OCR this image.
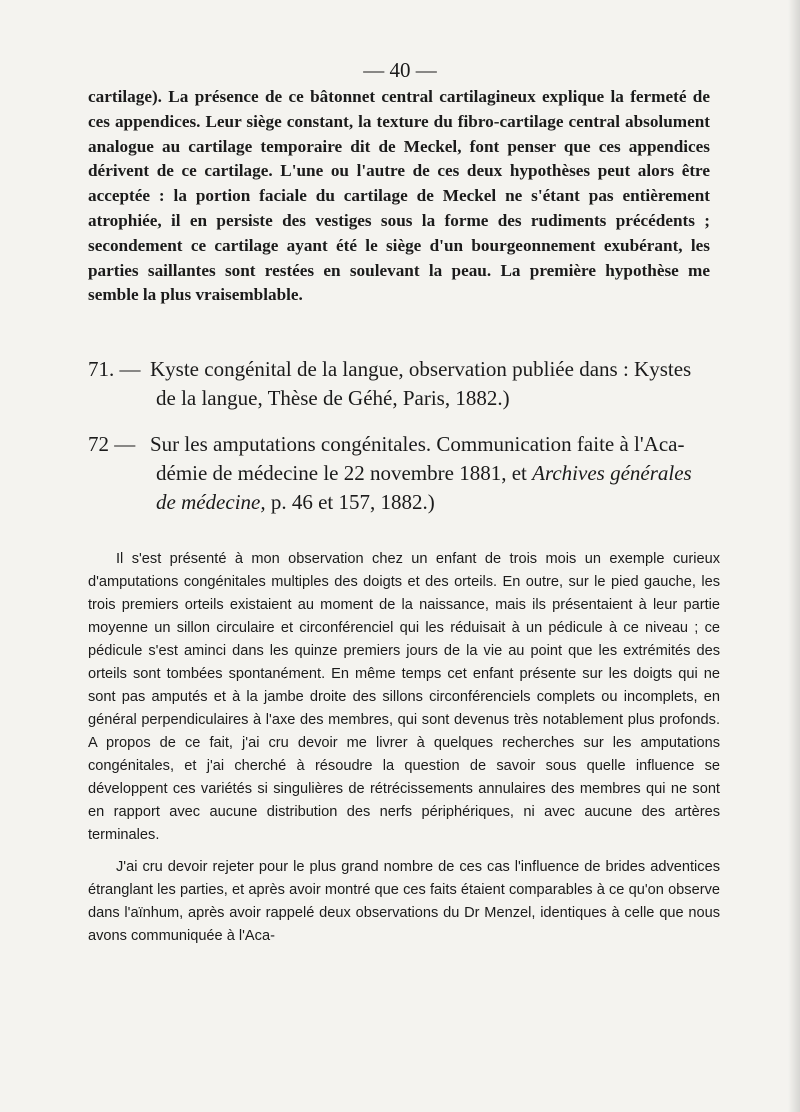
— 40 —
cartilage). La présence de ce bâtonnet central cartilagineux explique la fermeté de ces appendices. Leur siège constant, la texture du fibro-cartilage central absolument analogue au cartilage temporaire dit de Meckel, font penser que ces appendices dérivent de ce cartilage. L'une ou l'autre de ces deux hypothèses peut alors être acceptée : la portion faciale du cartilage de Meckel ne s'étant pas entièrement atrophiée, il en persiste des vestiges sous la forme des rudiments précédents ; secondement ce cartilage ayant été le siège d'un bourgeonnement exubérant, les parties saillantes sont restées en soulevant la peau. La première hypothèse me semble la plus vraisemblable.
71. — Kyste congénital de la langue, observation publiée dans : Kystes
de la langue, Thèse de Géhé, Paris, 1882.)
72 — Sur les amputations congénitales. Communication faite à l'Aca-
démie de médecine le 22 novembre 1881, et Archives générales
de médecine, p. 46 et 157, 1882.)

Il s'est présenté à mon observation chez un enfant de trois mois un exemple curieux d'amputations congénitales multiples des doigts et des orteils. En outre, sur le pied gauche, les trois premiers orteils existaient au moment de la naissance, mais ils présentaient à leur partie moyenne un sillon circulaire et circonférenciel qui les réduisait à un pédicule à ce niveau ; ce pédicule s'est aminci dans les quinze premiers jours de la vie au point que les extrémités des orteils sont tombées spontanément. En même temps cet enfant présente sur les doigts qui ne sont pas amputés et à la jambe droite des sillons circonférenciels complets ou incomplets, en général perpendiculaires à l'axe des membres, qui sont devenus très notablement plus profonds. A propos de ce fait, j'ai cru devoir me livrer à quelques recherches sur les amputations congénitales, et j'ai cherché à résoudre la question de savoir sous quelle influence se développent ces variétés si singulières de rétrécissements annulaires des membres qui ne sont en rapport avec aucune distribution des nerfs périphériques, ni avec aucune des artères terminales.

J'ai cru devoir rejeter pour le plus grand nombre de ces cas l'influence de brides adventices étranglant les parties, et après avoir montré que ces faits étaient comparables à ce qu'on observe dans l'aïnhum, après avoir rappelé deux observations du Dr Menzel, identiques à celle que nous avons communiquée à l'Aca-
